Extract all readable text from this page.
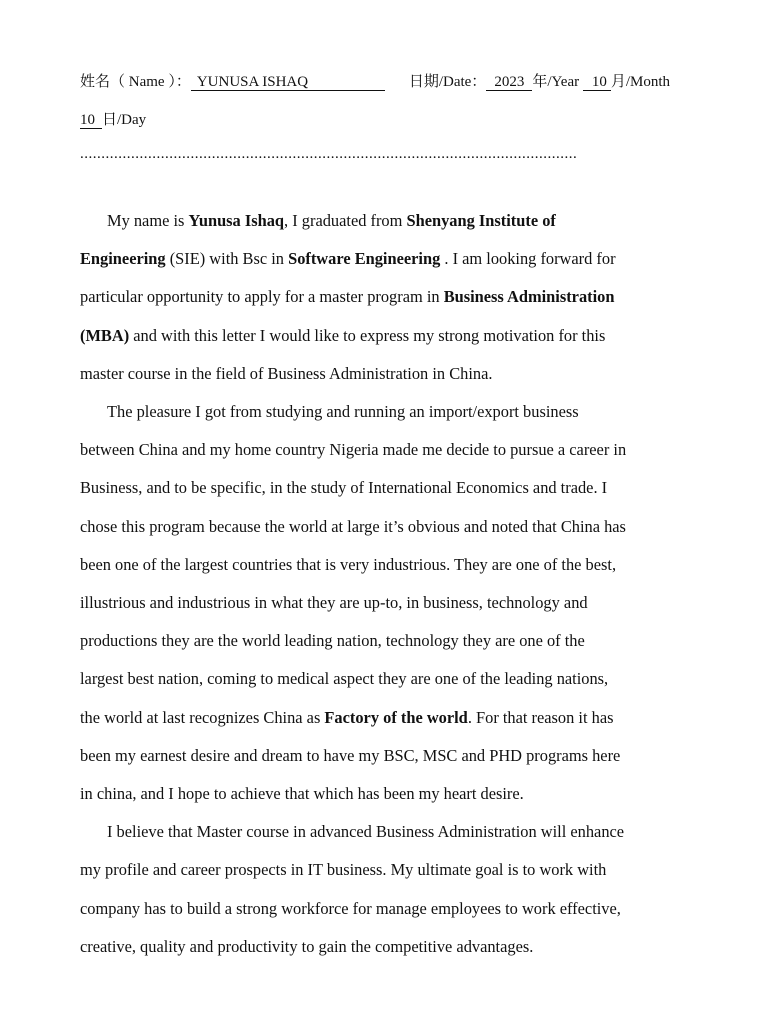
姓名（ Name ）： YUNUSA ISHAQ	日期/Date： 2023 年/Year 10 月/Month
10 日/Day
.....................................................................................................................
My name is Yunusa Ishaq, I graduated from Shenyang Institute of
Engineering (SIE) with Bsc in Software Engineering . I am looking forward for
particular opportunity to apply for a master program in Business Administration
(MBA) and with this letter I would like to express my strong motivation for this
master course in the field of Business Administration in China.
The pleasure I got from studying and running an import/export business
between China and my home country Nigeria made me decide to pursue a career in
Business, and to be specific, in the study of International Economics and trade. I
chose this program because the world at large it’s obvious and noted that China has
been one of the largest countries that is very industrious. They are one of the best,
illustrious and industrious in what they are up-to, in business, technology and
productions they are the world leading nation, technology they are one of the
largest best nation, coming to medical aspect they are one of the leading nations,
the world at last recognizes China as Factory of the world. For that reason it has
been my earnest desire and dream to have my BSC, MSC and PHD programs here
in china, and I hope to achieve that which has been my heart desire.
I believe that Master course in advanced Business Administration will enhance
my profile and career prospects in IT business. My ultimate goal is to work with
company has to build a strong workforce for manage employees to work effective,
creative, quality and productivity to gain the competitive advantages.
